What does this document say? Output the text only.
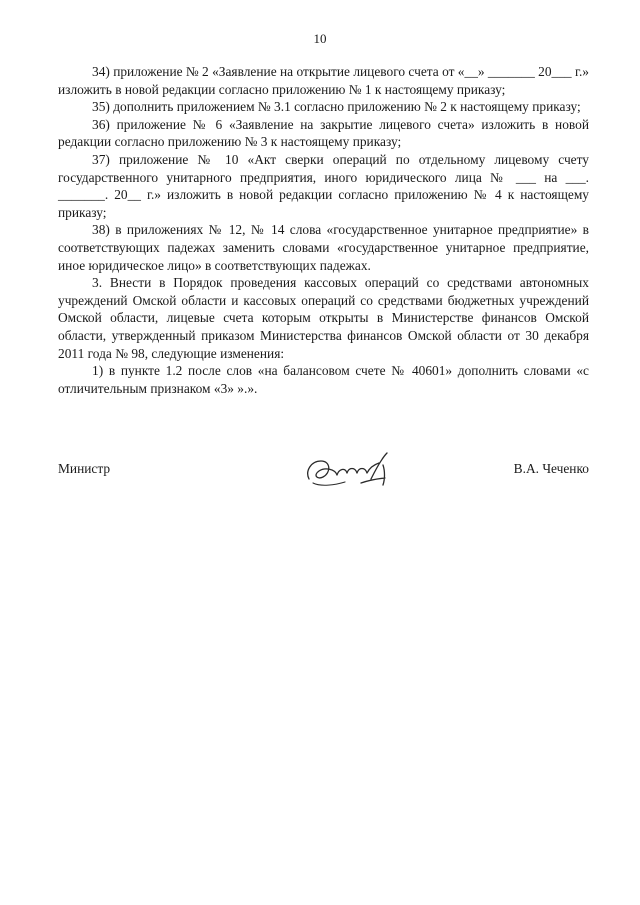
10

34) приложение № 2 «Заявление на открытие лицевого счета от «__» _______ 20___ г.» изложить в новой редакции согласно приложению № 1 к настоящему приказу;

35) дополнить приложением № 3.1 согласно приложению № 2 к настоящему приказу;

36) приложение № 6 «Заявление на закрытие лицевого счета» изложить в новой редакции согласно приложению № 3 к настоящему приказу;

37) приложение № 10 «Акт сверки операций по отдельному лицевому счету государственного унитарного предприятия, иного юридического лица № ___ на ___. _______. 20__ г.» изложить в новой редакции согласно приложению № 4 к настоящему приказу;

38) в приложениях № 12, № 14 слова «государственное унитарное предприятие» в соответствующих падежах заменить словами «государственное унитарное предприятие, иное юридическое лицо» в соответствующих падежах.

3. Внести в Порядок проведения кассовых операций со средствами автономных учреждений Омской области и кассовых операций со средствами бюджетных учреждений Омской области, лицевые счета которым открыты в Министерстве финансов Омской области, утвержденный приказом Министерства финансов Омской области от 30 декабря 2011 года № 98, следующие изменения:

1) в пункте 1.2 после слов «на балансовом счете № 40601» дополнить словами «с отличительным признаком «3» ».».

Министр	В.А. Чеченко
